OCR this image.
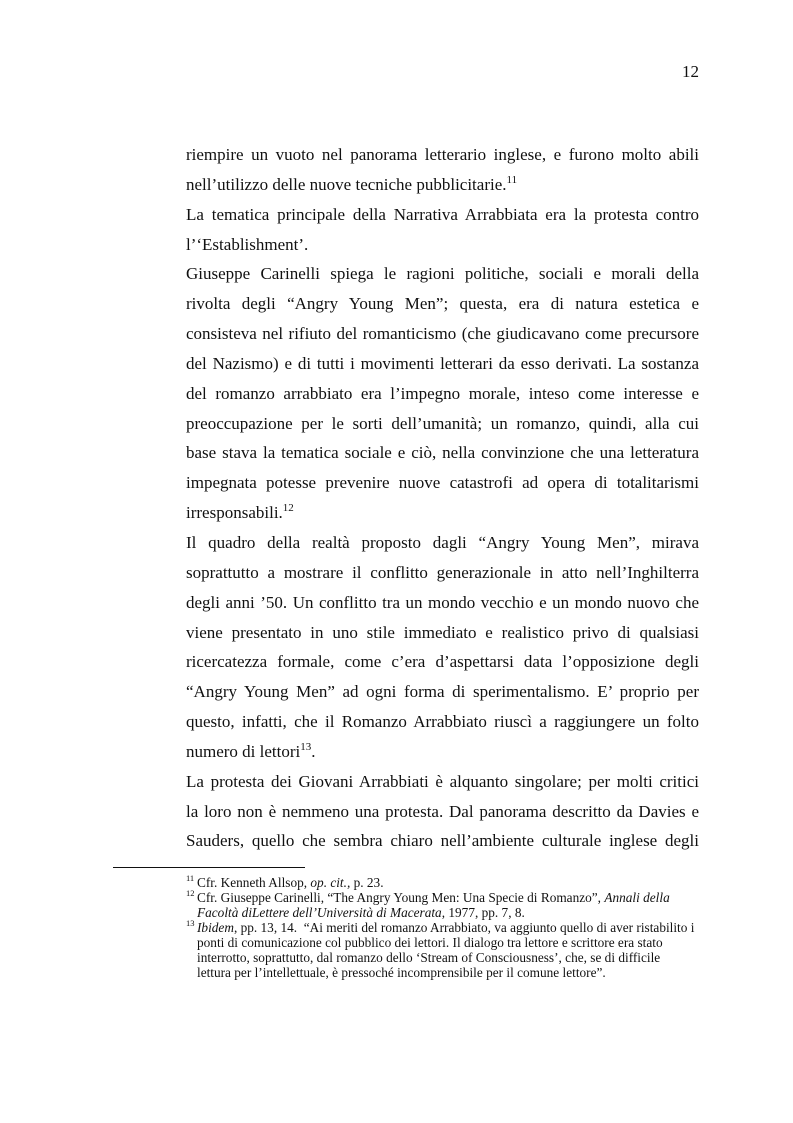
12
riempire un vuoto nel panorama letterario inglese, e furono molto abili
nell’utilizzo delle nuove tecniche pubblicitarie.$^{11}$
La tematica principale della Narrativa Arrabbiata era la protesta contro
l’‘Establishment’.
Giuseppe Carinelli spiega le ragioni politiche, sociali e morali della
rivolta degli “Angry Young Men”; questa, era di natura estetica e
consisteva nel rifiuto del romanticismo (che giudicavano come precursore
del Nazismo) e di tutti i movimenti letterari da esso derivati. La sostanza
del romanzo arrabbiato era l’impegno morale, inteso come interesse e
preoccupazione per le sorti dell’umanità; un romanzo, quindi, alla cui
base stava la tematica sociale e ciò, nella convinzione che una letteratura
impegnata potesse prevenire nuove catastrofi ad opera di totalitarismi
irresponsabili.$^{12}$
Il quadro della realtà proposto dagli “Angry Young Men”, mirava
soprattutto a mostrare il conflitto generazionale in atto nell’Inghilterra
degli anni ’50. Un conflitto tra un mondo vecchio e un mondo nuovo che
viene presentato in uno stile immediato e realistico privo di qualsiasi
ricercatezza formale, come c’era d’aspettarsi data l’opposizione degli
“Angry Young Men” ad ogni forma di sperimentalismo. E’ proprio per
questo, infatti, che il Romanzo Arrabbiato riuscì a raggiungere un folto
numero di lettori$^{13}$.
La protesta dei Giovani Arrabbiati è alquanto singolare; per molti critici
la loro non è nemmeno una protesta. Dal panorama descritto da Davies e
Sauders, quello che sembra chiaro nell’ambiente culturale inglese degli
11 Cfr. Kenneth Allsop, op. cit., p. 23.
12 Cfr. Giuseppe Carinelli, “The Angry Young Men: Una Specie di Romanzo”, Annali della
Facoltà diLettere dell’Università di Macerata, 1977, pp. 7, 8.
13 Ibidem, pp. 13, 14.  “Ai meriti del romanzo Arrabbiato, va aggiunto quello di aver ristabilito i
ponti di comunicazione col pubblico dei lettori. Il dialogo tra lettore e scrittore era stato
interrotto, soprattutto, dal romanzo dello ‘Stream of Consciousness’, che, se di difficile
lettura per l’intellettuale, è pressoché incomprensibile per il comune lettore”.
